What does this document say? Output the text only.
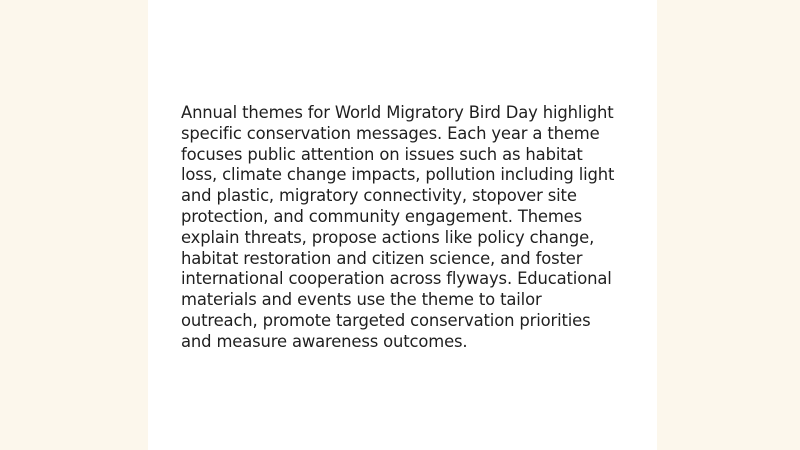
Annual themes for World Migratory Bird Day highlight
specific conservation messages. Each year a theme
focuses public attention on issues such as habitat
loss, climate change impacts, pollution including light
and plastic, migratory connectivity, stopover site
protection, and community engagement. Themes
explain threats, propose actions like policy change,
habitat restoration and citizen science, and foster
international cooperation across flyways. Educational
materials and events use the theme to tailor
outreach, promote targeted conservation priorities
and measure awareness outcomes.
